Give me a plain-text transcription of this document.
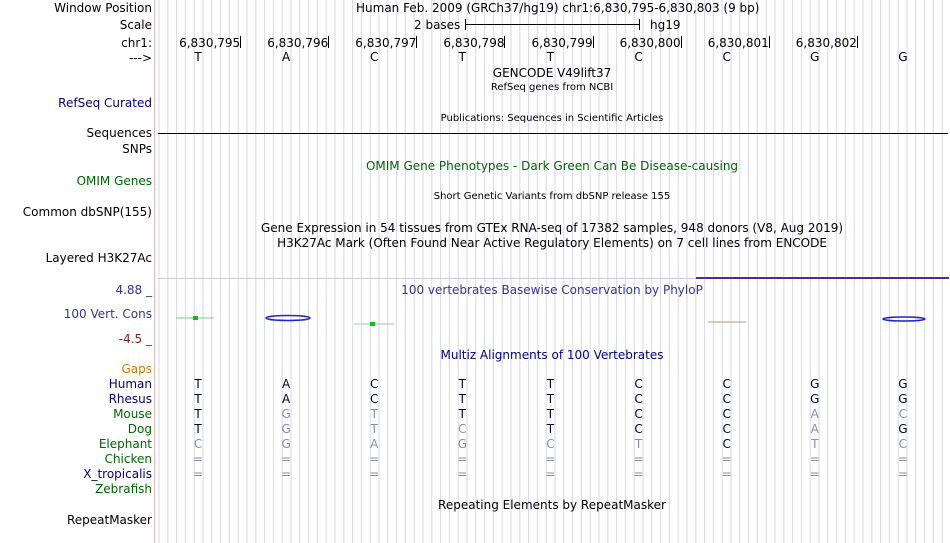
Window Position	Human Feb. 2009 (GRCh37/hg19) chr1:6,830,795-6,830,803 (9 bp)
Scale	2 bases	hg19
chr1: 6,830,795 6,830,796 6,830,797 6,830,798 6,830,799 6,830,800 6,830,801 6,830,802
--->	T	A	C	T	T	C	C	G	G
GENCODE V49lift37
RefSeq genes from NCBI
RefSeq Curated
Publications: Sequences in Scientific Articles
Sequences
SNPs
OMIM Gene Phenotypes - Dark Green Can Be Disease-causing
OMIM Genes
Short Genetic Variants from dbSNP release 155
Common dbSNP(155)
Gene Expression in 54 tissues from GTEx RNA-seq of 17382 samples, 948 donors (V8, Aug 2019)
H3K27Ac Mark (Often Found Near Active Regulatory Elements) on 7 cell lines from ENCODE
Layered H3K27Ac
4.88 _	100 vertebrates Basewise Conservation by PhyloP
100 Vert. Cons
-4.5 _
Multiz Alignments of 100 Vertebrates
Gaps
Human	T	A	C	T	T	C	C	G	G
Rhesus	T	A	C	T	T	C	C	G	G
Mouse	T	G	T	T	T	C	C	A	C
Dog	T	G	T	C	T	C	C	A	G
Elephant	C	G	A	G	C	T	C	T	C
Chicken	=	=	=	=	=	=	=	=	=
X_tropicalis	=	=	=	=	=	=	=	=	=
Zebrafish
Repeating Elements by RepeatMasker
RepeatMasker
